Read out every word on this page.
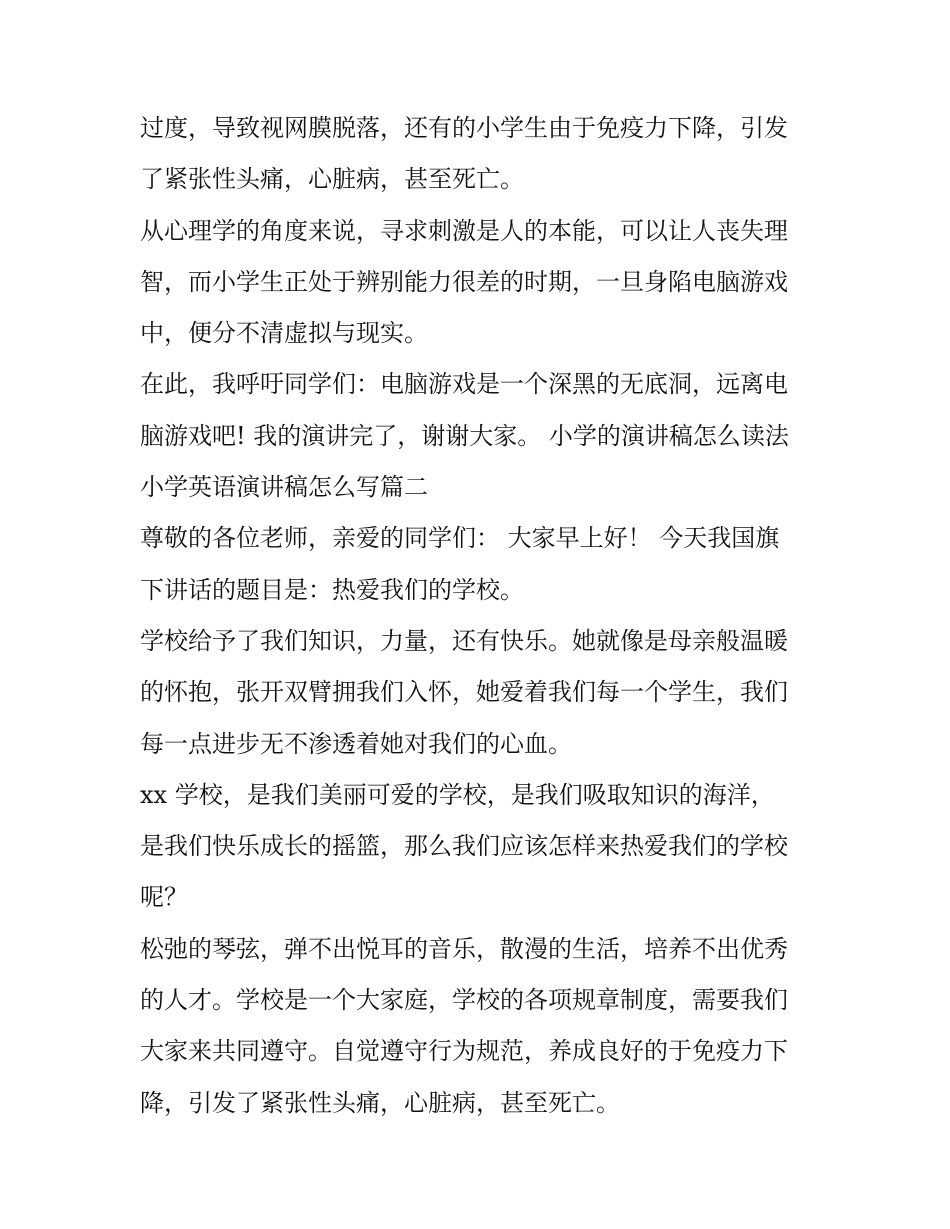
过度，导致视网膜脱落，还有的小学生由于免疫力下降，引发
了紧张性头痛，心脏病，甚至死亡。

从心理学的角度来说，寻求刺激是人的本能，可以让人丧失理
智，而小学生正处于辨别能力很差的时期，一旦身陷电脑游戏
中，便分不清虚拟与现实。

在此，我呼吁同学们：电脑游戏是一个深黑的无底洞，远离电
脑游戏吧! 我的演讲完了，谢谢大家。 小学的演讲稿怎么读法

小学英语演讲稿怎么写篇二

尊敬的各位老师，亲爱的同学们： 大家早上好！ 今天我国旗
下讲话的题目是：热爱我们的学校。

学校给予了我们知识，力量，还有快乐。她就像是母亲般温暖
的怀抱，张开双臂拥我们入怀，她爱着我们每一个学生，我们
每一点进步无不渗透着她对我们的心血。

xx 学校，是我们美丽可爱的学校，是我们吸取知识的海洋，
是我们快乐成长的摇篮，那么我们应该怎样来热爱我们的学校
呢？

松弛的琴弦，弹不出悦耳的音乐，散漫的生活，培养不出优秀
的人才。学校是一个大家庭，学校的各项规章制度，需要我们
大家来共同遵守。自觉遵守行为规范，养成良好的于免疫力下
降，引发了紧张性头痛，心脏病，甚至死亡。
